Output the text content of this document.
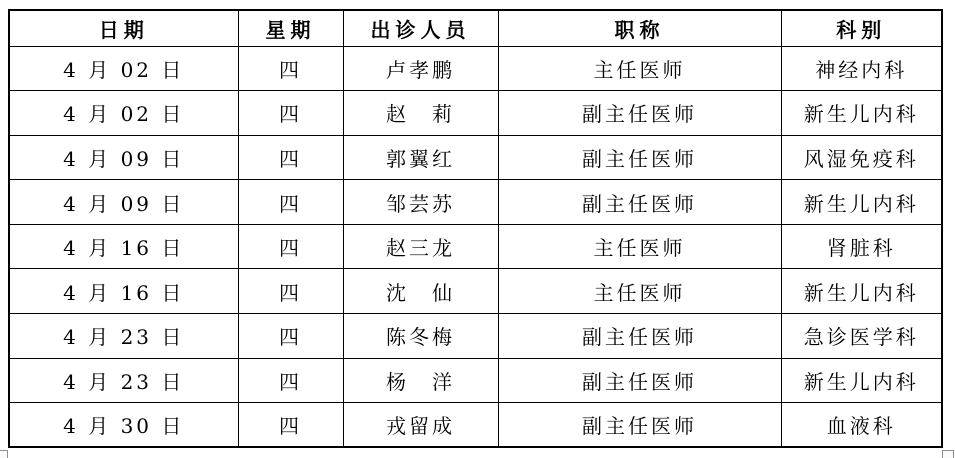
日期	星期	出诊人员	职称	科别
4 月 02 日	四	卢孝鹏	主任医师	神经内科
4 月 02 日	四	赵　莉	副主任医师	新生儿内科
4 月 09 日	四	郭翼红	副主任医师	风湿免疫科
4 月 09 日	四	邹芸苏	副主任医师	新生儿内科
4 月 16 日	四	赵三龙	主任医师	肾脏科
4 月 16 日	四	沈　仙	主任医师	新生儿内科
4 月 23 日	四	陈冬梅	副主任医师	急诊医学科
4 月 23 日	四	杨　洋	副主任医师	新生儿内科
4 月 30 日	四	戎留成	副主任医师	血液科
